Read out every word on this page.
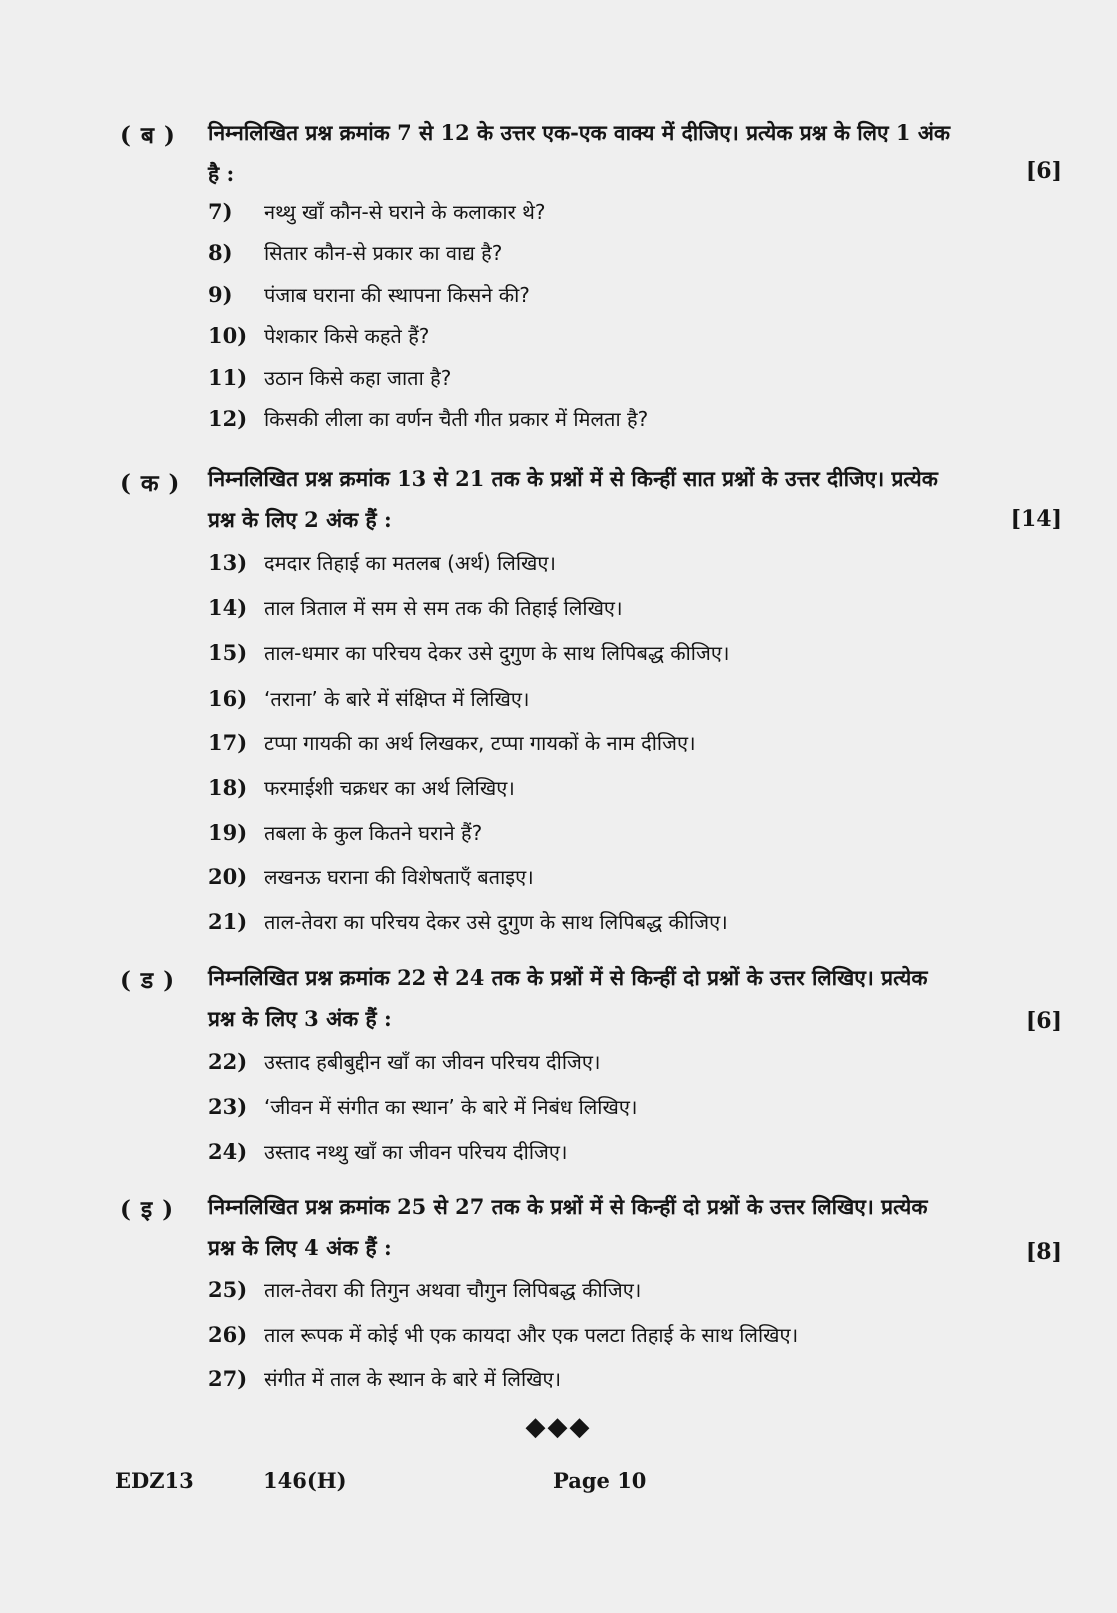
( ब ) निम्नलिखित प्रश्न क्रमांक 7 से 12 के उत्तर एक-एक वाक्य में दीजिए। प्रत्येक प्रश्न के लिए 1 अंक है :	[6]
7) नथ्थु खाँ कौन-से घराने के कलाकार थे?
8) सितार कौन-से प्रकार का वाद्य है?
9) पंजाब घराना की स्थापना किसने की?
10) पेशकार किसे कहते हैं?
11) उठान किसे कहा जाता है?
12) किसकी लीला का वर्णन चैती गीत प्रकार में मिलता है?
( क ) निम्नलिखित प्रश्न क्रमांक 13 से 21 तक के प्रश्नों में से किन्हीं सात प्रश्नों के उत्तर दीजिए। प्रत्येक प्रश्न के लिए 2 अंक हैं :	[14]
13) दमदार तिहाई का मतलब (अर्थ) लिखिए।
14) ताल त्रिताल में सम से सम तक की तिहाई लिखिए।
15) ताल-धमार का परिचय देकर उसे दुगुण के साथ लिपिबद्ध कीजिए।
16) ‘तराना’ के बारे में संक्षिप्त में लिखिए।
17) टप्पा गायकी का अर्थ लिखकर, टप्पा गायकों के नाम दीजिए।
18) फरमाईशी चक्रधर का अर्थ लिखिए।
19) तबला के कुल कितने घराने हैं?
20) लखनऊ घराना की विशेषताएँ बताइए।
21) ताल-तेवरा का परिचय देकर उसे दुगुण के साथ लिपिबद्ध कीजिए।
( ड ) निम्नलिखित प्रश्न क्रमांक 22 से 24 तक के प्रश्नों में से किन्हीं दो प्रश्नों के उत्तर लिखिए। प्रत्येक प्रश्न के लिए 3 अंक हैं :	[6]
22) उस्ताद हबीबुद्दीन खाँ का जीवन परिचय दीजिए।
23) ‘जीवन में संगीत का स्थान’ के बारे में निबंध लिखिए।
24) उस्ताद नथ्थु खाँ का जीवन परिचय दीजिए।
( इ ) निम्नलिखित प्रश्न क्रमांक 25 से 27 तक के प्रश्नों में से किन्हीं दो प्रश्नों के उत्तर लिखिए। प्रत्येक प्रश्न के लिए 4 अंक हैं :	[8]
25) ताल-तेवरा की तिगुन अथवा चौगुन लिपिबद्ध कीजिए।
26) ताल रूपक में कोई भी एक कायदा और एक पलटा तिहाई के साथ लिखिए।
27) संगीत में ताल के स्थान के बारे में लिखिए।
◆◆◆
EDZ13	146(H)	Page 10
